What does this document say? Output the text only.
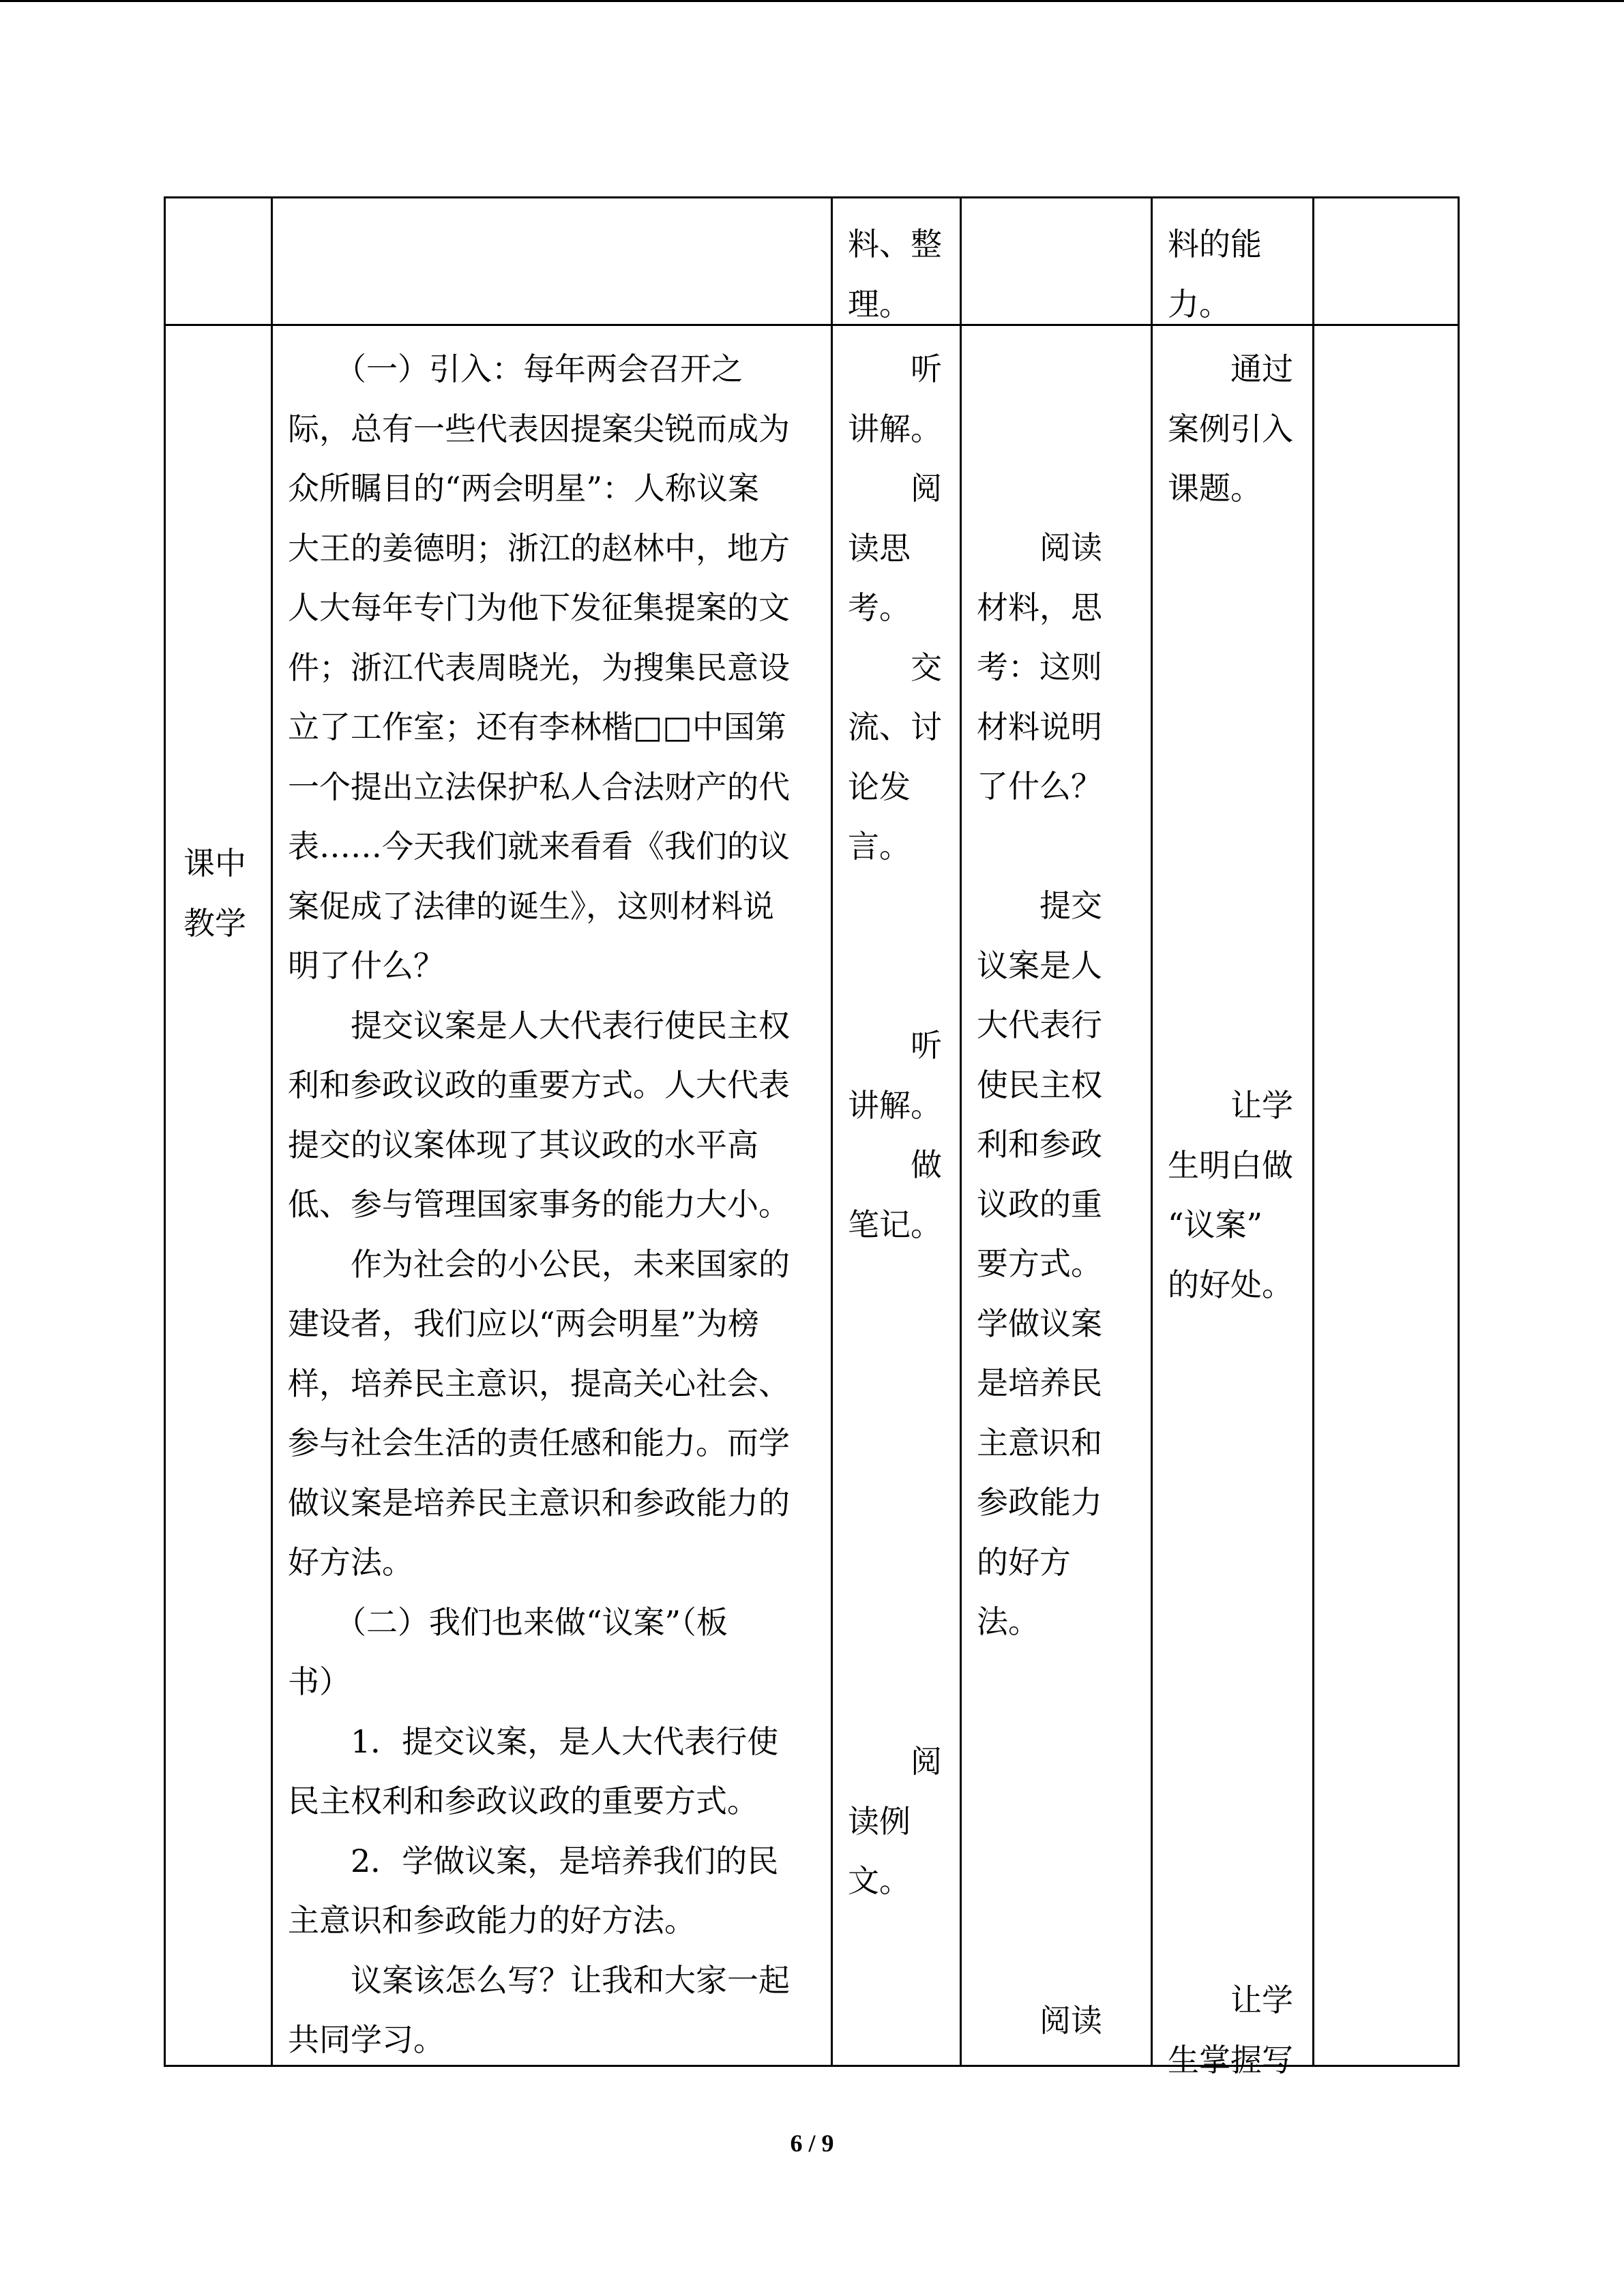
料、整
理。
料的能
力。
课中
教学
　　（一）引入：每年两会召开之
际，总有一些代表因提案尖锐而成为
众所瞩目的“两会明星”：人称议案
大王的姜德明；浙江的赵林中，地方
人大每年专门为他下发征集提案的文
件；浙江代表周晓光，为搜集民意设
立了工作室；还有李林楷□□中国第
一个提出立法保护私人合法财产的代
表……今天我们就来看看《我们的议
案促成了法律的诞生》，这则材料说
明了什么？
　　提交议案是人大代表行使民主权
利和参政议政的重要方式。人大代表
提交的议案体现了其议政的水平高
低、参与管理国家事务的能力大小。
　　作为社会的小公民，未来国家的
建设者，我们应以“两会明星”为榜
样，培养民主意识，提高关心社会、
参与社会生活的责任感和能力。而学
做议案是培养民主意识和参政能力的
好方法。
　　（二）我们也来做“议案”（板
书）
　　1．提交议案，是人大代表行使
民主权利和参政议政的重要方式。
　　2．学做议案，是培养我们的民
主意识和参政能力的好方法。
　　议案该怎么写？让我和大家一起
共同学习。
　　听
讲解。
　　阅
读思
考。
　　交
流、讨
论发
言。
　　听
讲解。
　　做
笔记。
　　阅
读例
文。
　　阅读
材料，思
考：这则
材料说明
了什么？
　　提交
议案是人
大代表行
使民主权
利和参政
议政的重
要方式。
学做议案
是培养民
主意识和
参政能力
的好方
法。
　　阅读
　　通过
案例引入
课题。
　　让学
生明白做
“议案”
的好处。
　　让学
生掌握写
6 / 9
